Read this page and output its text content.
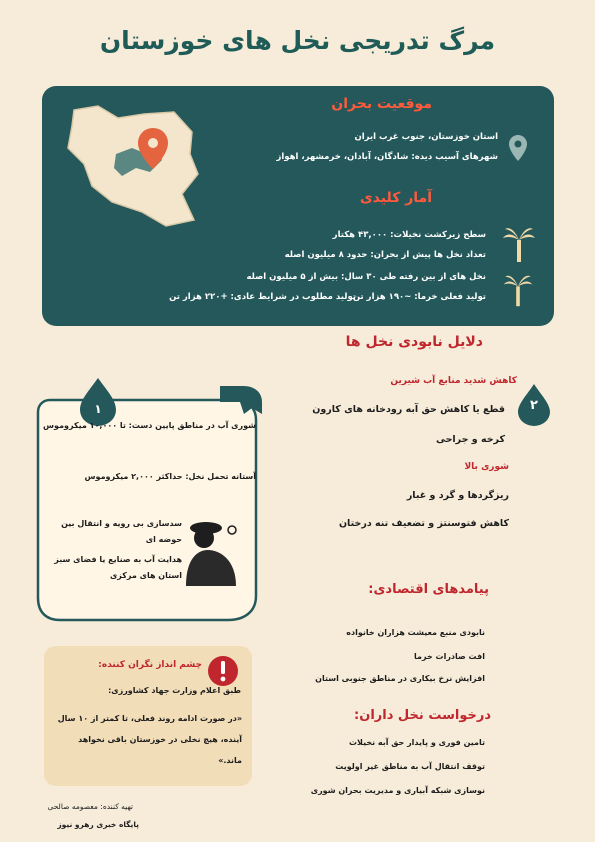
مرگ تدریجی نخل های خوزستان
موقعیت بحران
استان خوزستان، جنوب غرب ایران
شهرهای آسیب دیده: شادگان، آبادان، خرمشهر، اهواز
آمار کلیدی
سطح زیرکشت نخیلات: ۴۳,۰۰۰ هکتار
تعداد نخل ها پیش از بحران: حدود ۸ میلیون اصله
نخل های از بین رفته طی ۳۰ سال: بیش از ۵ میلیون اصله
تولید فعلی خرما: ~۱۹۰ هزار تن
تولید مطلوب در شرایط عادی: +۲۲۰ هزار تن
دلایل نابودی نخل ها
۲
کاهش شدید منابع آب شیرین
قطع یا کاهش حق آبه رودخانه های کارون
کرخه و جراحی
شوری بالا
ریزگردها و گرد و غبار
کاهش فتوسنتز و تضعیف تنه درختان
۱
شوری آب در مناطق پایین دست: تا ۱۰,۰۰۰ میکروموس
آستانه تحمل نخل: حداکثر ۲,۰۰۰ میکروموس
سدسازی بی رویه و انتقال بین حوضه ای
هدایت آب به صنایع یا فضای سبز استان های مرکزی
پیامدهای اقتصادی:
نابودی منبع معیشت هزاران خانواده
افت صادرات خرما
افزایش نرخ بیکاری در مناطق جنوبی استان
چشم انداز نگران کننده:
طبق اعلام وزارت جهاد کشاورزی:
«در صورت ادامه روند فعلی، تا کمتر از ۱۰ سال آینده، هیچ نخلی در خوزستان باقی نخواهد ماند.»
درخواست نخل داران:
تامین فوری و پایدار حق آبه نخیلات
توقف انتقال آب به مناطق غیر اولویت
نوسازی شبکه آبیاری و مدیریت بحران شوری
تهیه کننده: معصومه صالحی
پایگاه خبری رهرو نیوز
